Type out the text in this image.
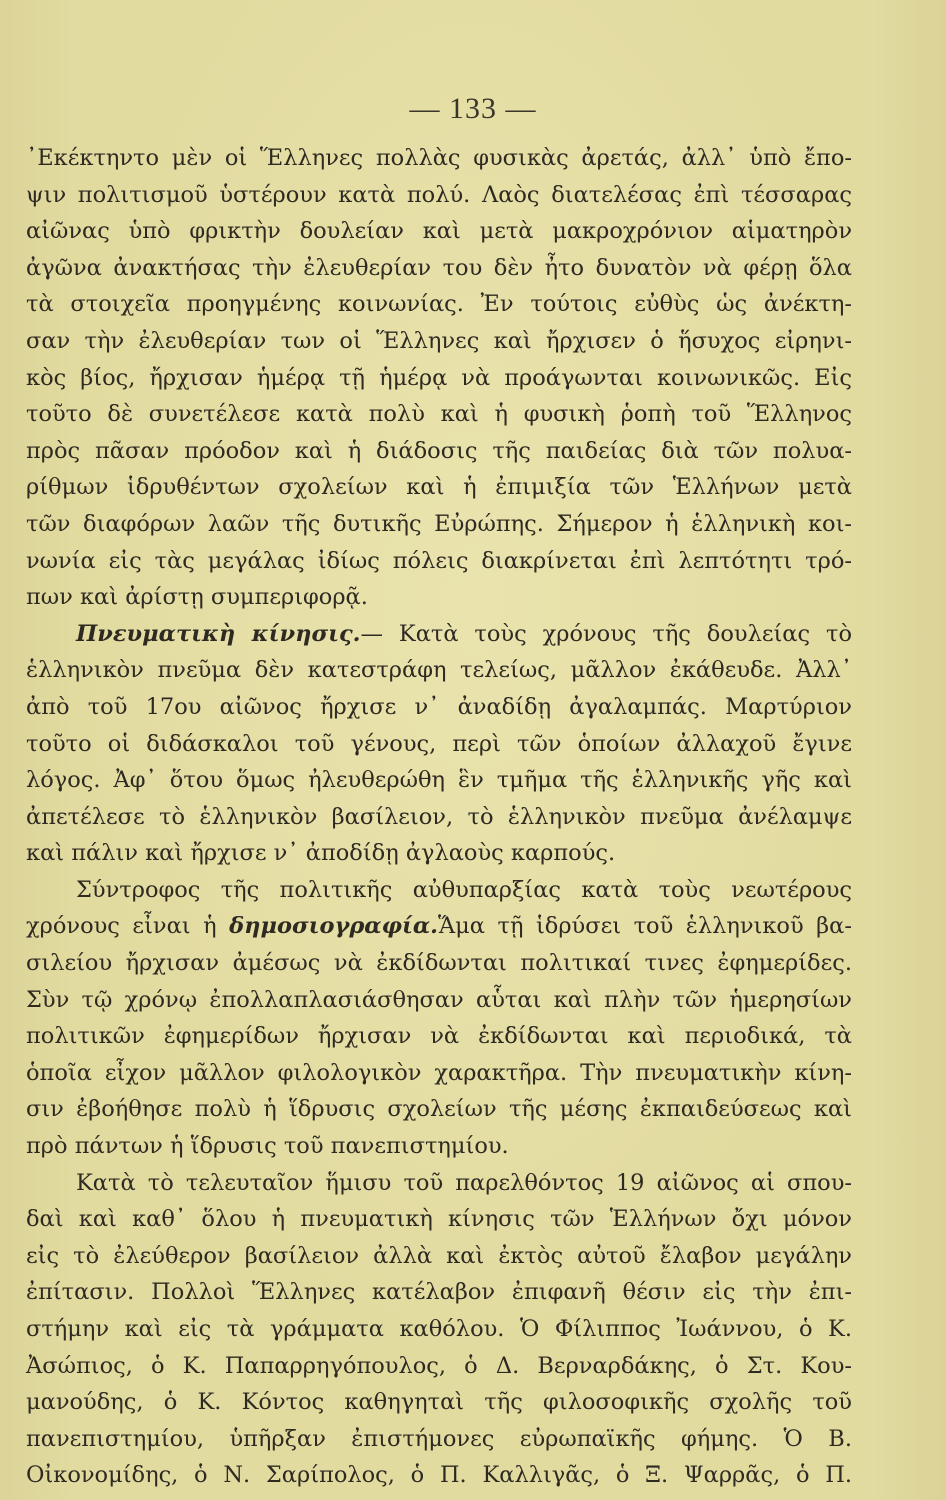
— 133 —
᾿Εκέκτηντο μὲν οἱ Ἕλληνες πολλὰς φυσικὰς ἀρετάς, ἀλλ᾿ ὑπὸ ἔπο-
ψιν πολιτισμοῦ ὑστέρουν κατὰ πολύ. Λαὸς διατελέσας ἐπὶ τέσσαρας
αἰῶνας ὑπὸ φρικτὴν δουλείαν καὶ μετὰ μακροχρόνιον αἱματηρὸν
ἀγῶνα ἀνακτήσας τὴν ἐλευθερίαν του δὲν ἦτο δυνατὸν νὰ φέρῃ ὅλα
τὰ στοιχεῖα προηγμένης κοινωνίας. Ἐν τούτοις εὐθὺς ὡς ἀνέκτη-
σαν τὴν ἐλευθερίαν των οἱ Ἕλληνες καὶ ἤρχισεν ὁ ἥσυχος εἰρηνι-
κὸς βίος, ἤρχισαν ἡμέρᾳ τῇ ἡμέρᾳ νὰ προάγωνται κοινωνικῶς. Εἰς
τοῦτο δὲ συνετέλεσε κατὰ πολὺ καὶ ἡ φυσικὴ ῥοπὴ τοῦ Ἕλληνος
πρὸς πᾶσαν πρόοδον καὶ ἡ διάδοσις τῆς παιδείας διὰ τῶν πολυα-
ρίθμων ἱδρυθέντων σχολείων καὶ ἡ ἐπιμιξία τῶν Ἑλλήνων μετὰ
τῶν διαφόρων λαῶν τῆς δυτικῆς Εὐρώπης. Σήμερον ἡ ἑλληνικὴ κοι-
νωνία εἰς τὰς μεγάλας ἰδίως πόλεις διακρίνεται ἐπὶ λεπτότητι τρό-
πων καὶ ἀρίστῃ συμπεριφορᾷ.
Πνευματικὴ κίνησις.— Κατὰ τοὺς χρόνους τῆς δουλείας τὸ
ἑλληνικὸν πνεῦμα δὲν κατεστράφη τελείως, μᾶλλον ἐκάθευδε. Ἀλλ᾿
ἀπὸ τοῦ 17ου αἰῶνος ἤρχισε ν᾿ ἀναδίδῃ ἀγαλαμπάς. Μαρτύριον
τοῦτο οἱ διδάσκαλοι τοῦ γένους, περὶ τῶν ὁποίων ἀλλαχοῦ ἔγινε
λόγος. Ἀφ᾿ ὅτου ὅμως ἠλευθερώθη ἓν τμῆμα τῆς ἑλληνικῆς γῆς καὶ
ἀπετέλεσε τὸ ἑλληνικὸν βασίλειον, τὸ ἑλληνικὸν πνεῦμα ἀνέλαμψε
καὶ πάλιν καὶ ἤρχισε ν᾿ ἀποδίδῃ ἀγλαοὺς καρπούς.
Σύντροφος τῆς πολιτικῆς αὐθυπαρξίας κατὰ τοὺς νεωτέρους
χρόνους εἶναι ἡ δημοσιογραφία.Ἅμα τῇ ἱδρύσει τοῦ ἑλληνικοῦ βα-
σιλείου ἤρχισαν ἀμέσως νὰ ἐκδίδωνται πολιτικαί τινες ἐφημερίδες.
Σὺν τῷ χρόνῳ ἐπολλαπλασιάσθησαν αὗται καὶ πλὴν τῶν ἡμερησίων
πολιτικῶν ἐφημερίδων ἤρχισαν νὰ ἐκδίδωνται καὶ περιοδικά, τὰ
ὁποῖα εἶχον μᾶλλον φιλολογικὸν χαρακτῆρα. Τὴν πνευματικὴν κίνη-
σιν ἐβοήθησε πολὺ ἡ ἵδρυσις σχολείων τῆς μέσης ἐκπαιδεύσεως καὶ
πρὸ πάντων ἡ ἵδρυσις τοῦ πανεπιστημίου.
Κατὰ τὸ τελευταῖον ἥμισυ τοῦ παρελθόντος 19 αἰῶνος αἱ σπου-
δαὶ καὶ καθ᾿ ὅλου ἡ πνευματικὴ κίνησις τῶν Ἑλλήνων ὄχι μόνον
εἰς τὸ ἐλεύθερον βασίλειον ἀλλὰ καὶ ἐκτὸς αὐτοῦ ἔλαβον μεγάλην
ἐπίτασιν. Πολλοὶ Ἕλληνες κατέλαβον ἐπιφανῆ θέσιν εἰς τὴν ἐπι-
στήμην καὶ εἰς τὰ γράμματα καθόλου. Ὁ Φίλιππος Ἰωάννου, ὁ Κ.
Ἀσώπιος, ὁ Κ. Παπαρρηγόπουλος, ὁ Δ. Βερναρδάκης, ὁ Στ. Κου-
μανούδης, ὁ Κ. Κόντος καθηγηταὶ τῆς φιλοσοφικῆς σχολῆς τοῦ
πανεπιστημίου, ὑπῆρξαν ἐπιστήμονες εὐρωπαϊκῆς φήμης. Ὁ Β.
Οἰκονομίδης, ὁ Ν. Σαρίπολος, ὁ Π. Καλλιγᾶς, ὁ Ξ. Ψαρρᾶς, ὁ Π.
